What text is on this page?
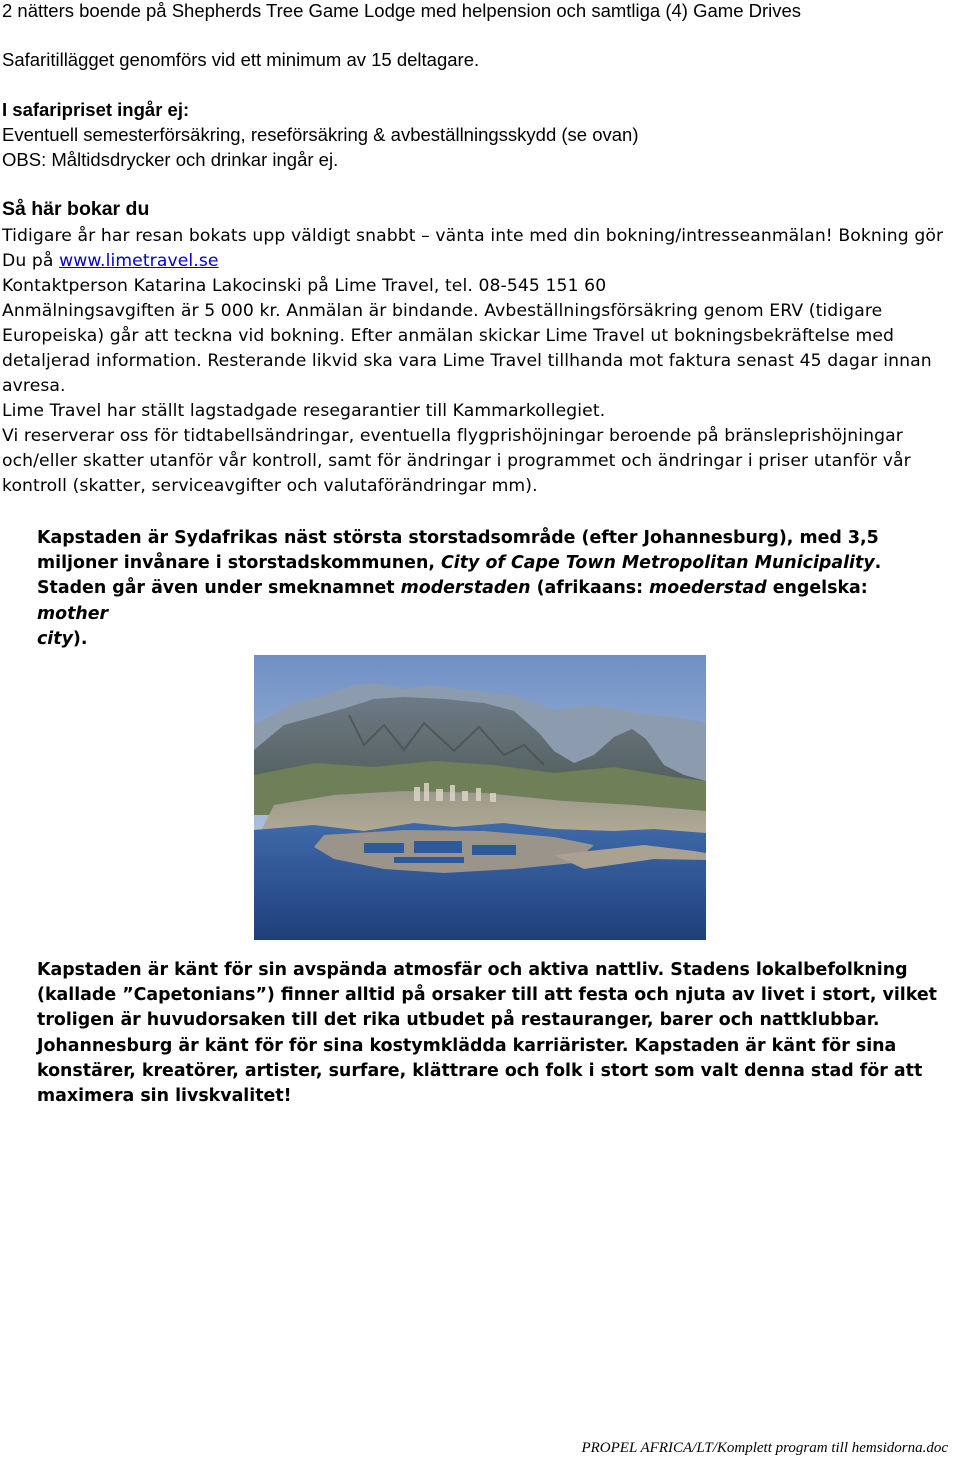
2 nätters boende på Shepherds Tree Game Lodge med helpension och samtliga (4) Game Drives
Safaritillägget genomförs vid ett minimum av 15 deltagare.
I safaripriset ingår ej:
Eventuell semesterförsäkring, reseförsäkring & avbeställningsskydd (se ovan)
OBS: Måltidsdrycker och drinkar ingår ej.
Så här bokar du
Tidigare år har resan bokats upp väldigt snabbt – vänta inte med din bokning/intresseanmälan! Bokning gör
Du på www.limetravel.se
Kontaktperson Katarina Lakocinski på Lime Travel, tel. 08-545 151 60
Anmälningsavgiften är 5 000 kr. Anmälan är bindande. Avbeställningsförsäkring genom ERV (tidigare
Europeiska) går att teckna vid bokning. Efter anmälan skickar Lime Travel ut bokningsbekräftelse med
detaljerad information. Resterande likvid ska vara Lime Travel tillhanda mot faktura senast 45 dagar innan
avresa.
Lime Travel har ställt lagstadgade resegarantier till Kammarkollegiet.
Vi reserverar oss för tidtabellsändringar, eventuella flygprishöjningar beroende på bränsleprishöjningar
och/eller skatter utanför vår kontroll, samt för ändringar i programmet och ändringar i priser utanför vår
kontroll (skatter, serviceavgifter och valutaförändringar mm).
Kapstaden är Sydafrikas näst största storstadsområde (efter Johannesburg), med 3,5
miljoner invånare i storstadskommunen, City of Cape Town Metropolitan Municipality.
Staden går även under smeknamnet moderstaden (afrikaans: moederstad engelska: mother
city).
Kapstaden är känt för sin avspända atmosfär och aktiva nattliv. Stadens lokalbefolkning
(kallade ”Capetonians”) finner alltid på orsaker till att festa och njuta av livet i stort, vilket
troligen är huvudorsaken till det rika utbudet på restauranger, barer och nattklubbar.
Johannesburg är känt för för sina kostymklädda karriärister. Kapstaden är känt för sina
konstärer, kreatörer, artister, surfare, klättrare och folk i stort som valt denna stad för att
maximera sin livskvalitet!
PROPEL AFRICA/LT/Komplett program till hemsidorna.doc
